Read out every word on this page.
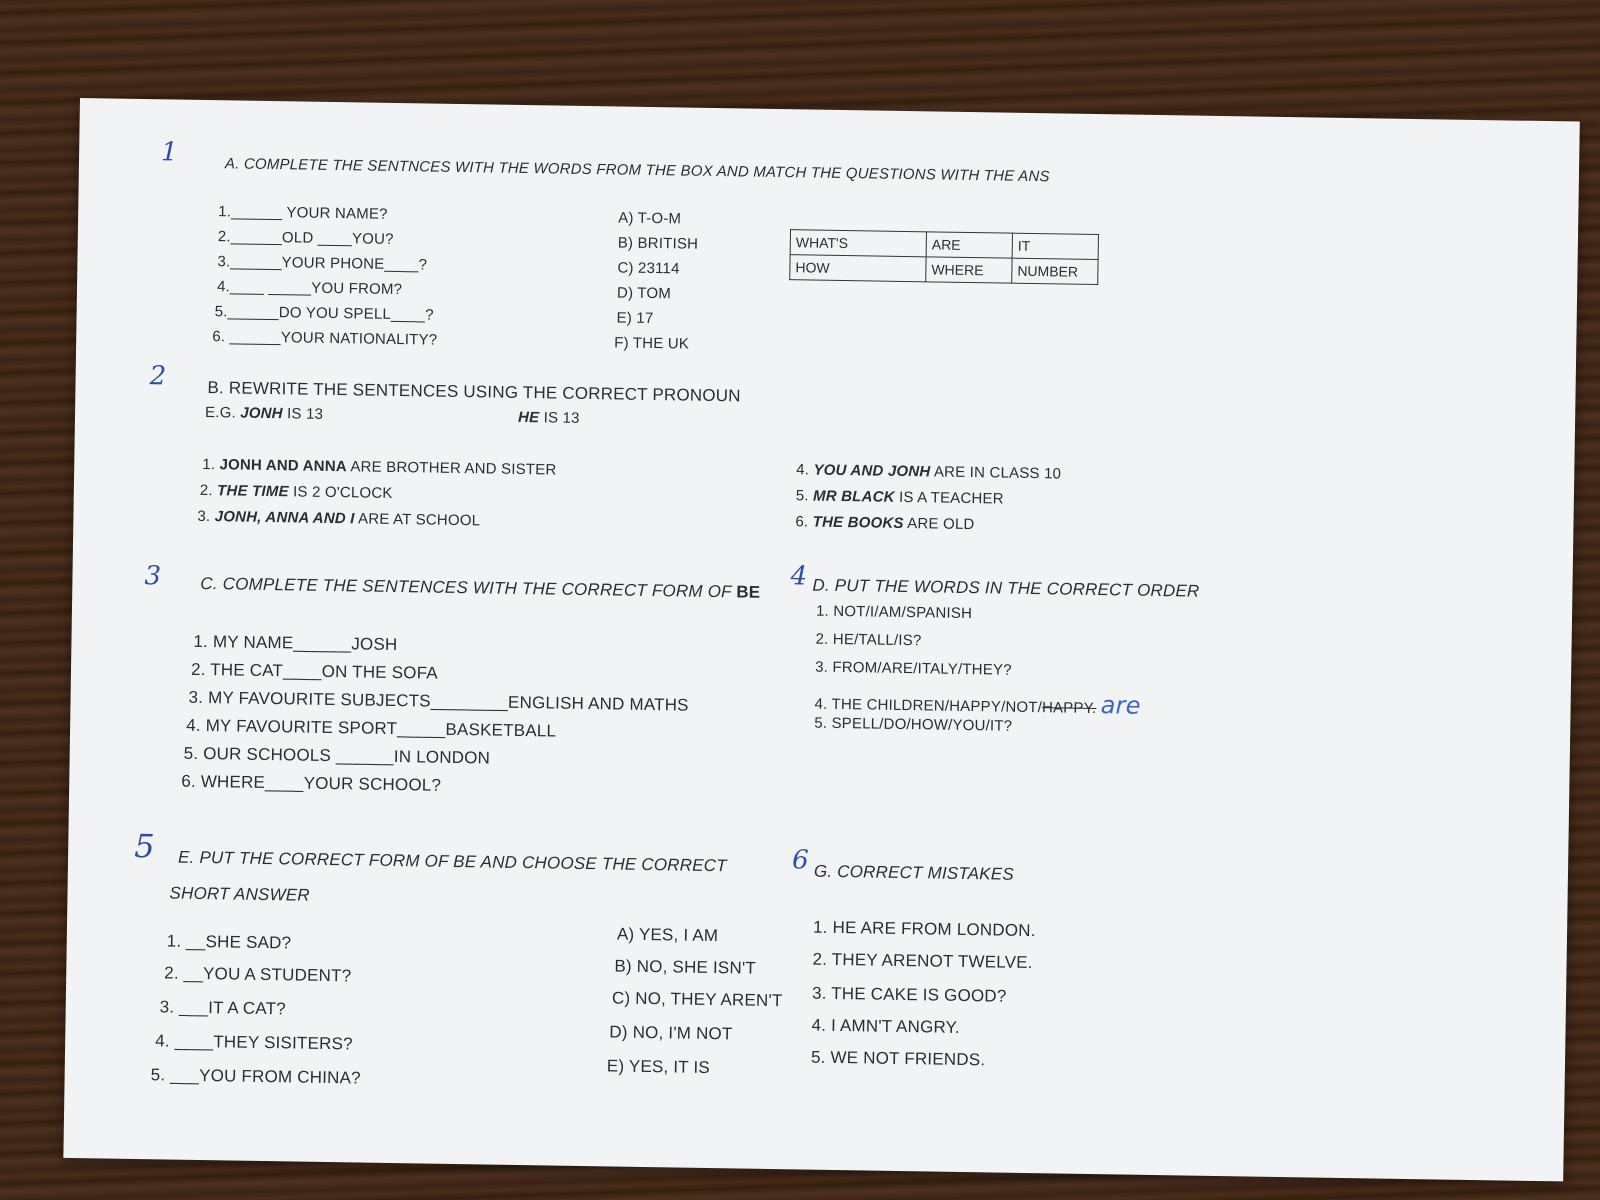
1
A. COMPLETE THE SENTNCES WITH THE WORDS FROM THE BOX AND MATCH THE QUESTIONS WITH THE ANS
1.______ YOUR NAME?
2.______OLD ____YOU?
3.______YOUR PHONE____?
4.____ _____YOU FROM?
5.______DO YOU SPELL____?
6. ______YOUR NATIONALITY?
A) T-O-M
B) BRITISH
C) 23114
D) TOM
E) 17
F) THE UK
WHAT'S	ARE	IT
HOW	WHERE	NUMBER
2
B. REWRITE THE SENTENCES USING THE CORRECT PRONOUN
E.G. JONH IS 13	HE IS 13
1. JONH AND ANNA ARE BROTHER AND SISTER
2. THE TIME IS 2 O'CLOCK
3. JONH, ANNA AND I ARE AT SCHOOL
4. YOU AND JONH ARE IN CLASS 10
5. MR BLACK IS A TEACHER
6. THE BOOKS ARE OLD
3 C. COMPLETE THE SENTENCES WITH THE CORRECT FORM OF BE
1. MY NAME______JOSH
2. THE CAT____ON THE SOFA
3. MY FAVOURITE SUBJECTS________ENGLISH AND MATHS
4. MY FAVOURITE SPORT_____BASKETBALL
5. OUR SCHOOLS ______IN LONDON
6. WHERE____YOUR SCHOOL?
4 D. PUT THE WORDS IN THE CORRECT ORDER
1. NOT/I/AM/SPANISH
2. HE/TALL/IS?
3. FROM/ARE/ITALY/THEY?
4. THE CHILDREN/HAPPY/NOT/HAPPY. are
5. SPELL/DO/HOW/YOU/IT?
5 E. PUT THE CORRECT FORM OF BE AND CHOOSE THE CORRECT
SHORT ANSWER
1. __SHE SAD?
2. __YOU A STUDENT?
3. ___IT A CAT?
4. ____THEY SISITERS?
5. ___YOU FROM CHINA?
A) YES, I AM
B) NO, SHE ISN'T
C) NO, THEY AREN'T
D) NO, I'M NOT
E) YES, IT IS
6 G. CORRECT MISTAKES
1. HE ARE FROM LONDON.
2. THEY ARENOT TWELVE.
3. THE CAKE IS GOOD?
4. I AMN'T ANGRY.
5. WE NOT FRIENDS.
